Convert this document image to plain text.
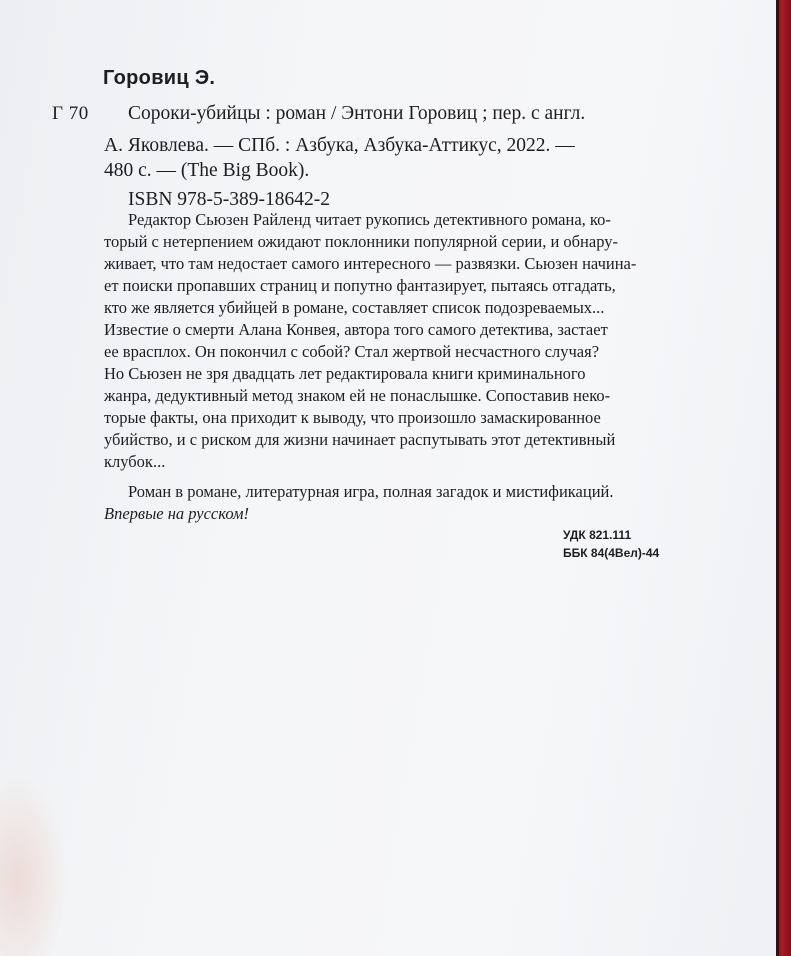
Горовиц Э.
Г 70 Сороки-убийцы : роман / Энтони Горовиц ; пер. с англ.
А. Яковлева. — СПб. : Азбука, Азбука-Аттикус, 2022. —
480 с. — (The Big Book).
ISBN 978-5-389-18642-2
Редактор Сьюзен Райленд читает рукопись детективного романа, ко-
торый с нетерпением ожидают поклонники популярной серии, и обнару-
живает, что там недостает самого интересного — развязки. Сьюзен начина-
ет поиски пропавших страниц и попутно фантазирует, пытаясь отгадать,
кто же является убийцей в романе, составляет список подозреваемых...
Известие о смерти Алана Конвея, автора того самого детектива, застает
ее врасплох. Он покончил с собой? Стал жертвой несчастного случая?
Но Сьюзен не зря двадцать лет редактировала книги криминального
жанра, дедуктивный метод знаком ей не понаслышке. Сопоставив неко-
торые факты, она приходит к выводу, что произошло замаскированное
убийство, и с риском для жизни начинает распутывать этот детективный
клубок...
Роман в романе, литературная игра, полная загадок и мистификаций.
Впервые на русском!
УДК 821.111
ББК 84(4Вел)-44
